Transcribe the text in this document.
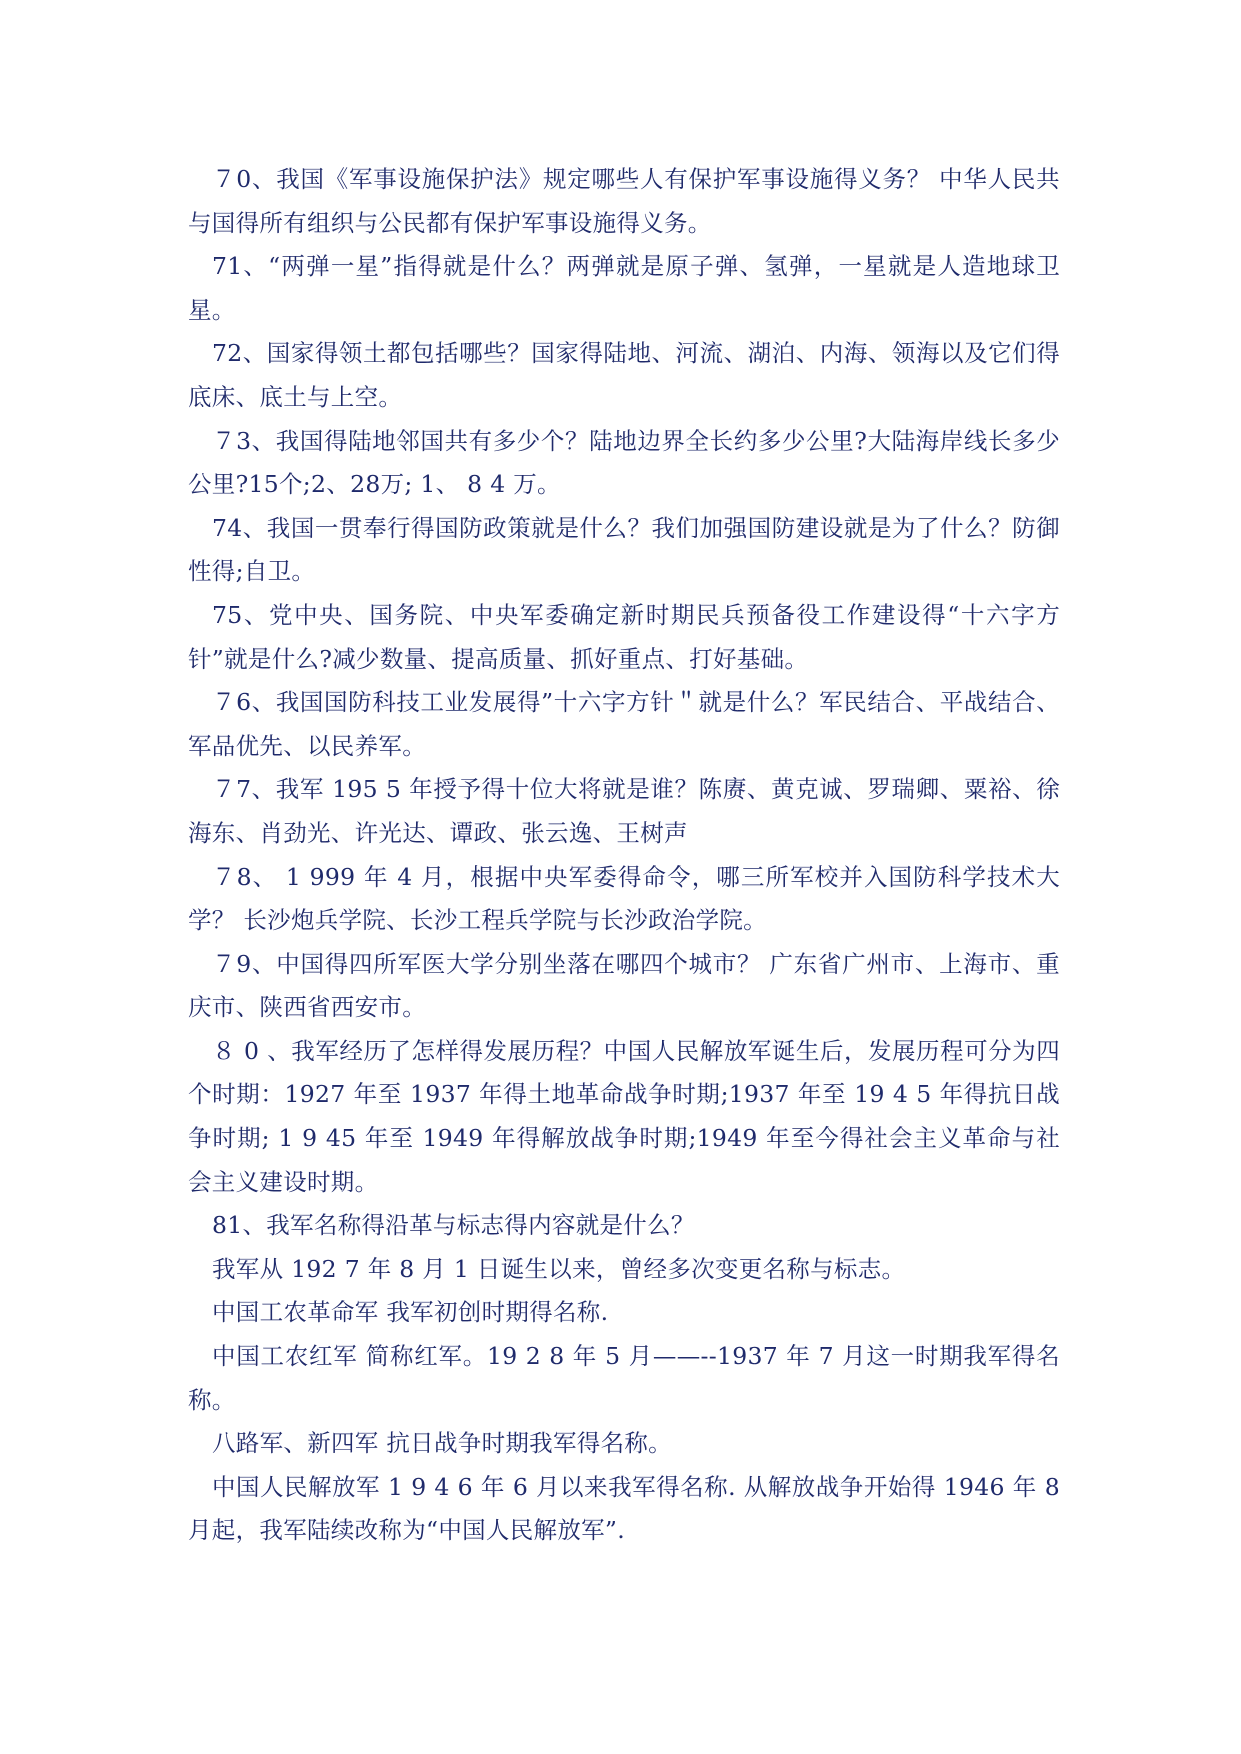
７0、我国《军事设施保护法》规定哪些人有保护军事设施得义务？ 中华人民共与国得所有组织与公民都有保护军事设施得义务。

71、“两弹一星”指得就是什么？两弹就是原子弹、氢弹，一星就是人造地球卫星。

72、国家得领土都包括哪些？国家得陆地、河流、湖泊、内海、领海以及它们得底床、底土与上空。

７3、我国得陆地邻国共有多少个？陆地边界全长约多少公里?大陆海岸线长多少公里?15个;2、28万; 1、 8 4 万。

74、我国一贯奉行得国防政策就是什么？我们加强国防建设就是为了什么？防御性得;自卫。

75、党中央、国务院、中央军委确定新时期民兵预备役工作建设得“十六字方针”就是什么?减少数量、提高质量、抓好重点、打好基础。

７6、我国国防科技工业发展得”十六字方针＂就是什么？军民结合、平战结合、军品优先、以民养军。

７7、我军 195 5 年授予得十位大将就是谁？陈赓、黄克诚、罗瑞卿、粟裕、徐海东、肖劲光、许光达、谭政、张云逸、王树声

７8、 1 999 年 4 月，根据中央军委得命令，哪三所军校并入国防科学技术大学？ 长沙炮兵学院、长沙工程兵学院与长沙政治学院。

７9、中国得四所军医大学分别坐落在哪四个城市？ 广东省广州市、上海市、重庆市、陕西省西安市。

８ 0 、我军经历了怎样得发展历程？中国人民解放军诞生后，发展历程可分为四个时期：1927 年至 1937 年得土地革命战争时期;1937 年至 19 4 5 年得抗日战争时期; 1 9 45 年至 1949 年得解放战争时期;1949 年至今得社会主义革命与社会主义建设时期。

81、我军名称得沿革与标志得内容就是什么？

我军从 192 7 年 8 月 1 日诞生以来，曾经多次变更名称与标志。

中国工农革命军 我军初创时期得名称.

中国工农红军 简称红军。19 2 8 年 5 月——--1937 年 7 月这一时期我军得名称。

八路军、新四军 抗日战争时期我军得名称。

中国人民解放军 1 9 4 6 年 6 月以来我军得名称. 从解放战争开始得 1946 年 8 月起，我军陆续改称为“中国人民解放军”.
